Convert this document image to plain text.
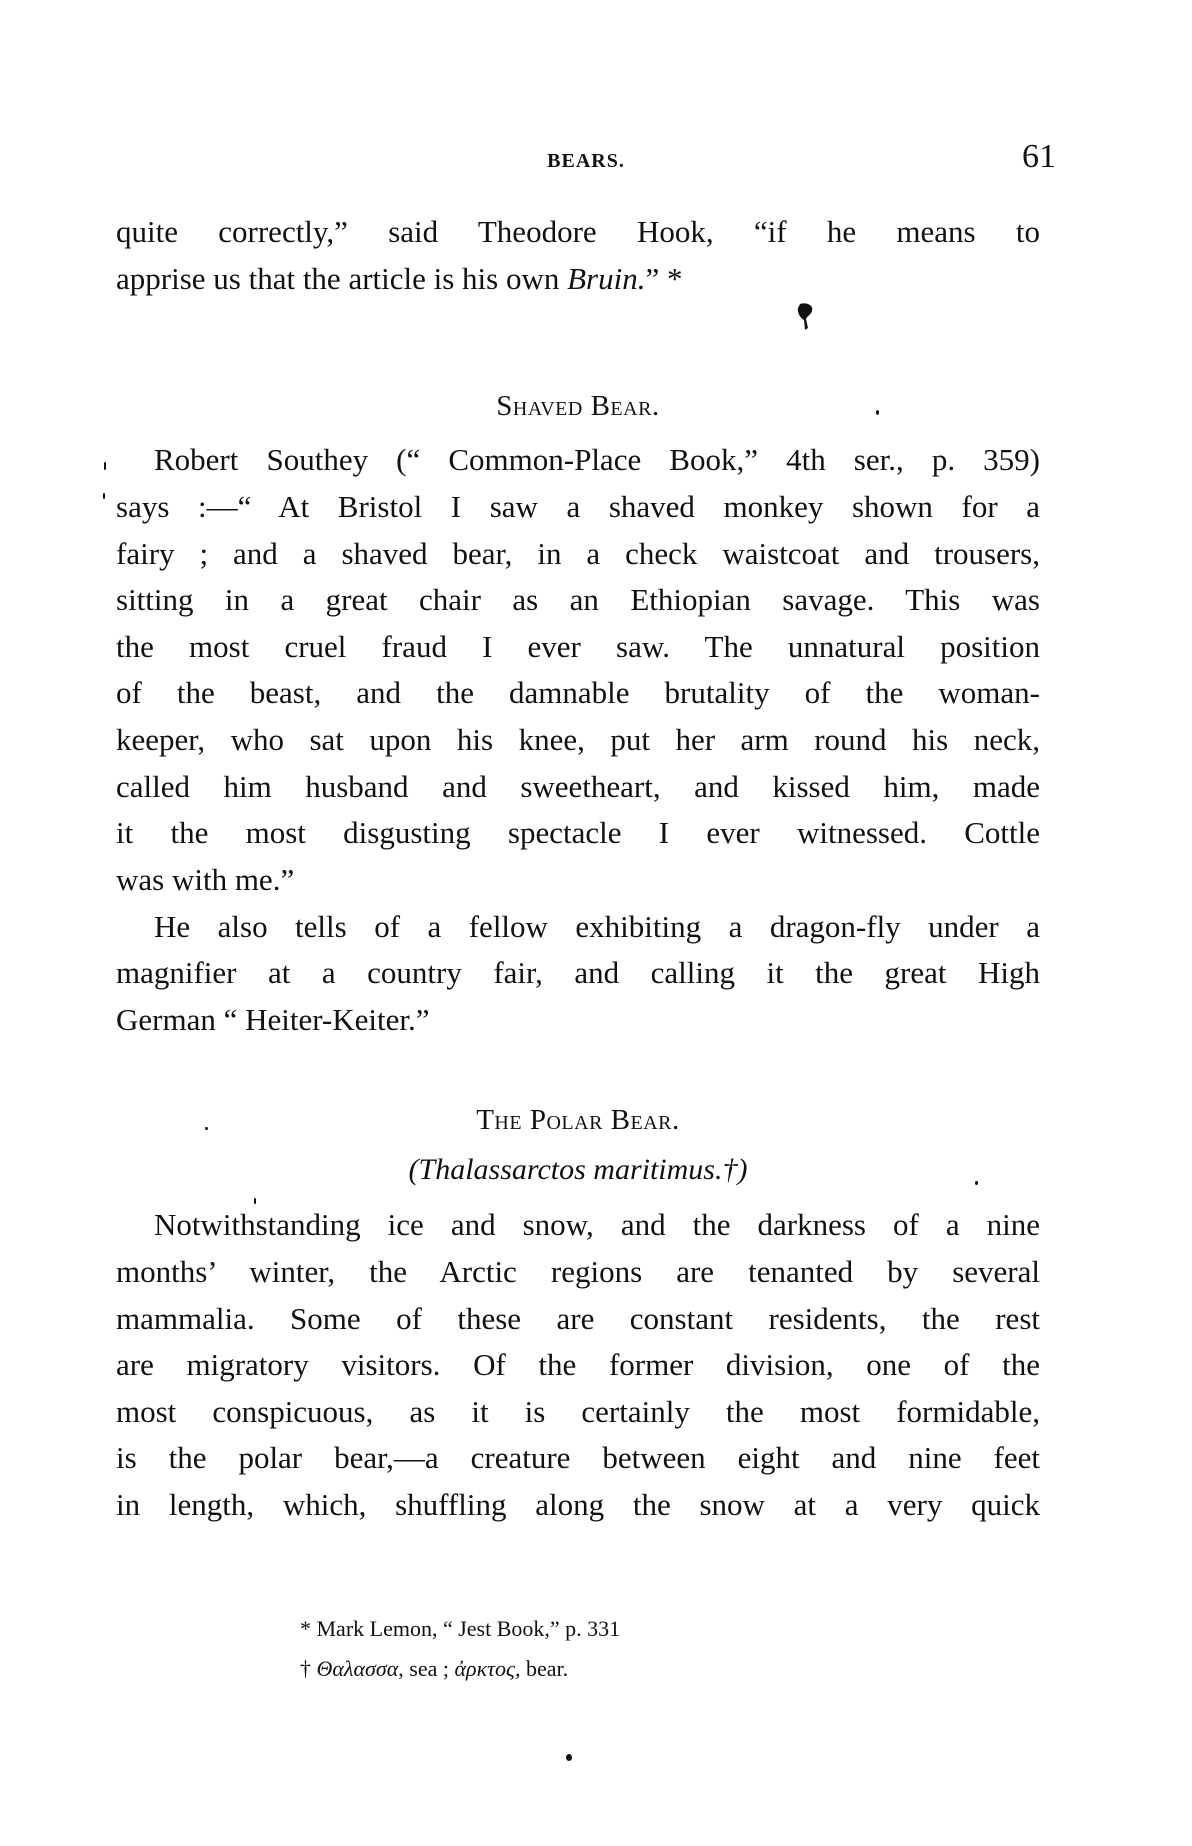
BEARS.	61
quite correctly,” said Theodore Hook, “if he means to
apprise us that the article is his own Bruin.” *
Shaved Bear.
Robert Southey (“ Common-Place Book,” 4th ser., p. 359)
says :—“ At Bristol I saw a shaved monkey shown for a
fairy ; and a shaved bear, in a check waistcoat and trousers,
sitting in a great chair as an Ethiopian savage. This was
the most cruel fraud I ever saw. The unnatural position
of the beast, and the damnable brutality of the woman-
keeper, who sat upon his knee, put her arm round his neck,
called him husband and sweetheart, and kissed him, made
it the most disgusting spectacle I ever witnessed. Cottle
was with me.”
He also tells of a fellow exhibiting a dragon-fly under a
magnifier at a country fair, and calling it the great High
German “ Heiter-Keiter.”
The Polar Bear.
(Thalassarctos maritimus.†)
Notwithstanding ice and snow, and the darkness of a nine
months’ winter, the Arctic regions are tenanted by several
mammalia. Some of these are constant residents, the rest
are migratory visitors. Of the former division, one of the
most conspicuous, as it is certainly the most formidable,
is the polar bear,—a creature between eight and nine feet
in length, which, shuffling along the snow at a very quick
* Mark Lemon, “ Jest Book,” p. 331
† Θαλασσα, sea ; ἀρκτος, bear.
